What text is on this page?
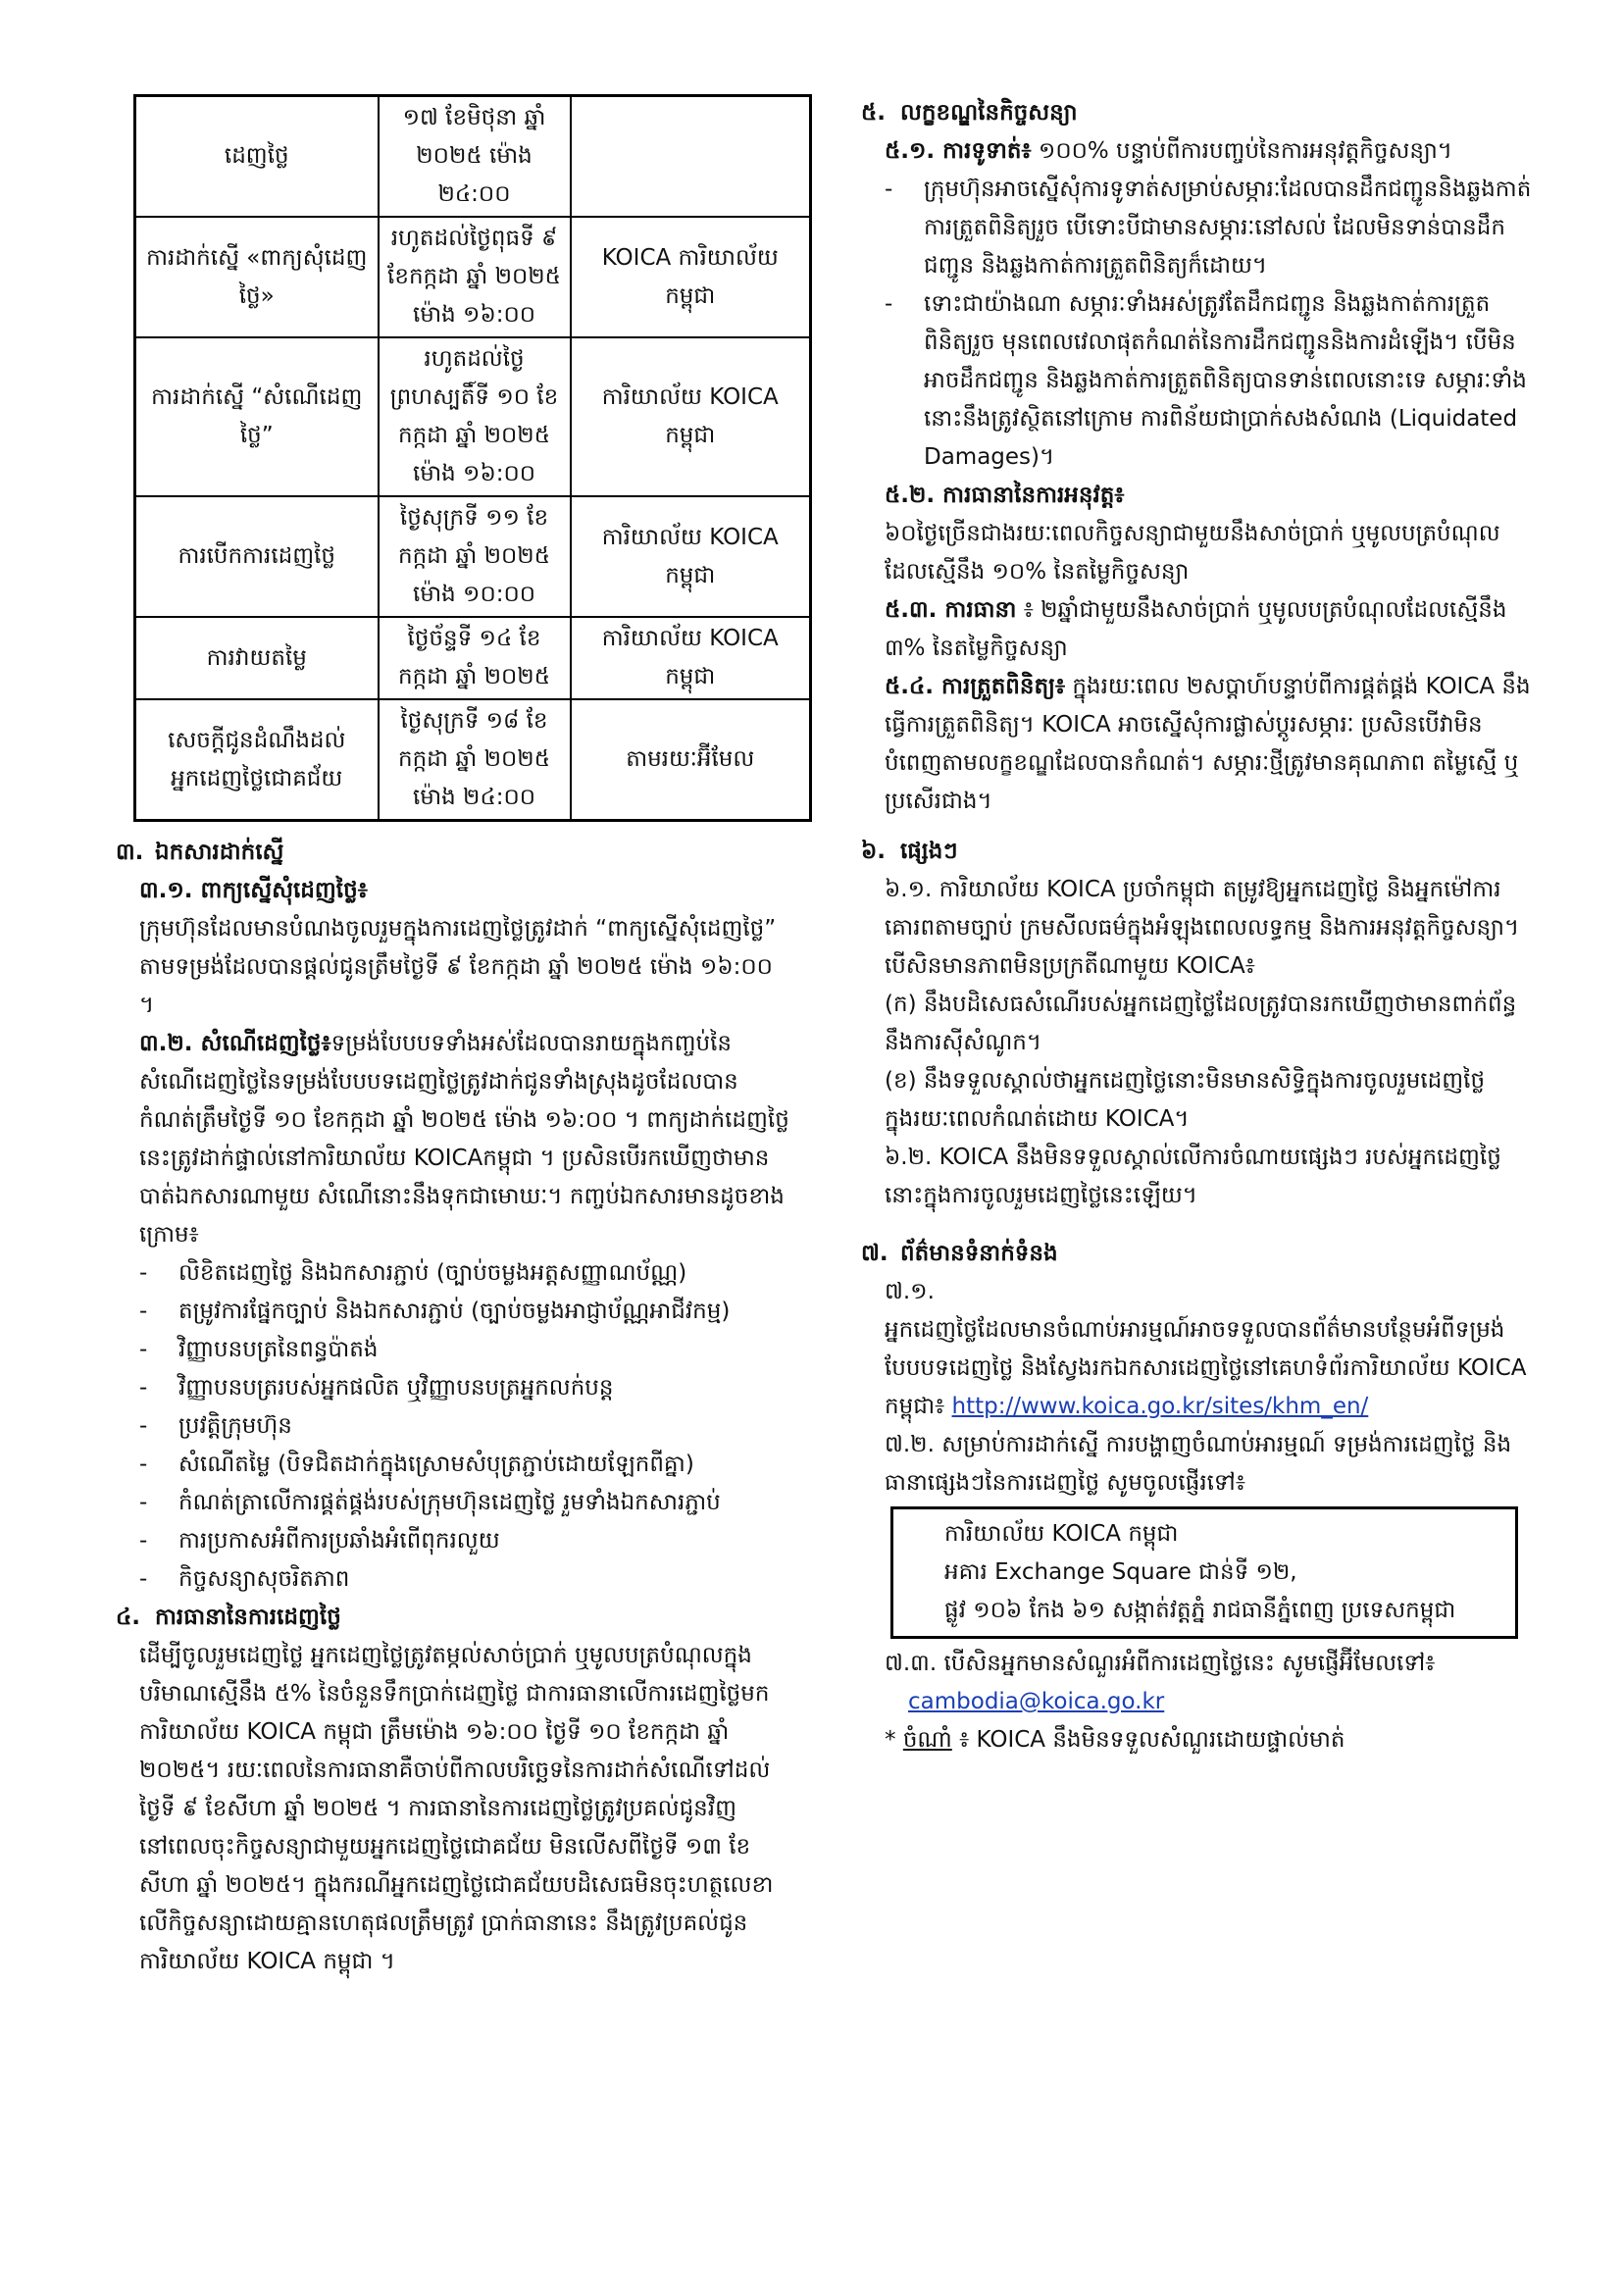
ដេញថ្លៃ	១៧ ខែមិថុនា ឆ្នាំ ២០២៥ ម៉ោង ២៤:០០	
ការដាក់ស្នើ «ពាក្យសុំដេញថ្លៃ»	រហូតដល់ថ្ងៃពុធទី ៩ ខែកក្កដា ឆ្នាំ ២០២៥ ម៉ោង ១៦:០០	KOICA ការិយាល័យកម្ពុជា
ការដាក់ស្នើ “សំណើដេញថ្លៃ”	រហូតដល់ថ្ងៃព្រហស្បតិ៍ទី ១០ ខែកក្កដា ឆ្នាំ ២០២៥ ម៉ោង ១៦:០០	ការិយាល័យ KOICA កម្ពុជា
ការបើកការដេញថ្លៃ	ថ្ងៃសុក្រទី ១១ ខែកក្កដា ឆ្នាំ ២០២៥ ម៉ោង ១០:០០	ការិយាល័យ KOICA កម្ពុជា
ការវាយតម្លៃ	ថ្ងៃច័ន្ទទី ១៤ ខែកក្កដា ឆ្នាំ ២០២៥	ការិយាល័យ KOICA កម្ពុជា
សេចក្តីជូនដំណឹងដល់អ្នកដេញថ្លៃជោគជ័យ	ថ្ងៃសុក្រទី ១៨ ខែកក្កដា ឆ្នាំ ២០២៥ ម៉ោង ២៤:០០	តាមរយៈអ៊ីមែល

៣. ឯកសារដាក់ស្នើ

៣.១. ពាក្យស្នើសុំដេញថ្លៃ៖

ក្រុមហ៊ុនដែលមានបំណងចូលរួមក្នុងការដេញថ្លៃត្រូវដាក់ “ពាក្យស្នើសុំដេញថ្លៃ” តាមទម្រង់ដែលបានផ្តល់ជូនត្រឹមថ្ងៃទី ៩ ខែកក្កដា ឆ្នាំ ២០២៥ ម៉ោង ១៦:០០ ។

៣.២. សំណើដេញថ្លៃ៖ទម្រង់បែបបទទាំងអស់ដែលបានរាយក្នុងកញ្ចប់នៃសំណើដេញថ្លៃនៃទម្រង់បែបបទដេញថ្លៃត្រូវដាក់ជូនទាំងស្រុងដូចដែលបានកំណត់ត្រឹមថ្ងៃទី ១០ ខែកក្កដា ឆ្នាំ ២០២៥ ម៉ោង ១៦:០០ ។ ពាក្យដាក់ដេញថ្លៃនេះត្រូវដាក់ផ្ទាល់នៅការិយាល័យ KOICAកម្ពុជា ។ ប្រសិនបើរកឃើញថាមានបាត់ឯកសារណាមួយ សំណើនោះនឹងទុកជាមោឃៈ។ កញ្ចប់ឯកសារមានដូចខាងក្រោម៖

- លិខិតដេញថ្លៃ និងឯកសារភ្ជាប់ (ច្បាប់ចម្លងអត្តសញ្ញាណប័ណ្ណ)
- តម្រូវការផ្នែកច្បាប់ និងឯកសារភ្ជាប់ (ច្បាប់ចម្លងអាជ្ញាប័ណ្ណអាជីវកម្ម)
- វិញ្ញាបនបត្រនៃពន្ធប៉ាតង់
- វិញ្ញាបនបត្ររបស់អ្នកផលិត ឬវិញ្ញាបនបត្រអ្នកលក់បន្ត
- ប្រវត្តិក្រុមហ៊ុន
- សំណើតម្លៃ (បិទជិតដាក់ក្នុងស្រោមសំបុត្រភ្ជាប់ដោយឡែកពីគ្នា)
- កំណត់ត្រាលើការផ្គត់ផ្គង់របស់ក្រុមហ៊ុនដេញថ្លៃ រួមទាំងឯកសារភ្ជាប់
- ការប្រកាសអំពីការប្រឆាំងអំពើពុករលួយ
- កិច្ចសន្យាសុចរិតភាព

៤. ការធានានៃការដេញថ្លៃ

ដើម្បីចូលរួមដេញថ្លៃ អ្នកដេញថ្លៃត្រូវតម្កល់សាច់ប្រាក់ ឬមូលបត្របំណុលក្នុងបរិមាណស្មើនឹង ៥% នៃចំនួនទឹកប្រាក់ដេញថ្លៃ ជាការធានាលើការដេញថ្លៃមកការិយាល័យ KOICA កម្ពុជា ត្រឹមម៉ោង ១៦:០០ ថ្ងៃទី ១០ ខែកក្កដា ឆ្នាំ ២០២៥។ រយៈពេលនៃការធានាគឺចាប់ពីកាលបរិច្ឆេទនៃការដាក់សំណើទៅដល់ថ្ងៃទី ៩ ខែសីហា ឆ្នាំ ២០២៥ ។ ការធានានៃការដេញថ្លៃត្រូវប្រគល់ជូនវិញនៅពេលចុះកិច្ចសន្យាជាមួយអ្នកដេញថ្លៃជោគជ័យ មិនលើសពីថ្ងៃទី ១៣ ខែសីហា ឆ្នាំ ២០២៥។ ក្នុងករណីអ្នកដេញថ្លៃជោគជ័យបដិសេធមិនចុះហត្ថលេខាលើកិច្ចសន្យាដោយគ្មានហេតុផលត្រឹមត្រូវ ប្រាក់ធានានេះ នឹងត្រូវប្រគល់ជូនការិយាល័យ KOICA កម្ពុជា ។

៥. លក្ខខណ្ឌនៃកិច្ចសន្យា

៥.១. ការទូទាត់៖ ១០០% បន្ទាប់ពីការបញ្ចប់នៃការអនុវត្តកិច្ចសន្យា។

- ក្រុមហ៊ុនអាចស្នើសុំការទូទាត់សម្រាប់សម្ភារៈដែលបានដឹកជញ្ជូននិងឆ្លងកាត់ការត្រួតពិនិត្យរួច បើទោះបីជាមានសម្ភារៈនៅសល់ ដែលមិនទាន់បានដឹកជញ្ជូន និងឆ្លងកាត់ការត្រួតពិនិត្យក៏ដោយ។
- ទោះជាយ៉ាងណា សម្ភារៈទាំងអស់ត្រូវតែដឹកជញ្ជូន និងឆ្លងកាត់ការត្រួតពិនិត្យរួច មុនពេលវេលាផុតកំណត់នៃការដឹកជញ្ជូននិងការដំឡើង។ បើមិនអាចដឹកជញ្ជូន និងឆ្លងកាត់ការត្រួតពិនិត្យបានទាន់ពេលនោះទេ សម្ភារៈទាំងនោះនឹងត្រូវស្ថិតនៅក្រោម ការពិន័យជាប្រាក់សងសំណង (Liquidated Damages)។

៥.២. ការធានានៃការអនុវត្ត៖

៦០ថ្ងៃច្រើនជាងរយៈពេលកិច្ចសន្យាជាមួយនឹងសាច់ប្រាក់ ឬមូលបត្របំណុលដែលស្មើនឹង ១០% នៃតម្លៃកិច្ចសន្យា

៥.៣. ការធានា ៖ ២ឆ្នាំជាមួយនឹងសាច់ប្រាក់ ឬមូលបត្របំណុលដែលស្មើនឹង ៣% នៃតម្លៃកិច្ចសន្យា

៥.៤. ការត្រួតពិនិត្យ៖ ក្នុងរយៈពេល ២សប្តាហ៍បន្ទាប់ពីការផ្គត់ផ្គង់ KOICA នឹងធ្វើការត្រួតពិនិត្យ។ KOICA អាចស្នើសុំការផ្លាស់ប្តូរសម្ភារៈ ប្រសិនបើវាមិនបំពេញតាមលក្ខខណ្ឌដែលបានកំណត់។ សម្ភារៈថ្មីត្រូវមានគុណភាព តម្លៃស្មើ ឬប្រសើរជាង។

៦. ផ្សេងៗ

៦.១. ការិយាល័យ KOICA ប្រចាំកម្ពុជា តម្រូវឱ្យអ្នកដេញថ្លៃ និងអ្នកម៉ៅការគោរពតាមច្បាប់ ក្រមសីលធម៌ក្នុងអំឡុងពេលលទ្ធកម្ម និងការអនុវត្តកិច្ចសន្យា។ បើសិនមានភាពមិនប្រក្រតីណាមួយ KOICA៖

(ក) នឹងបដិសេធសំណើរបស់អ្នកដេញថ្លៃដែលត្រូវបានរកឃើញថាមានពាក់ព័ន្ធនឹងការស៊ីសំណូក។

(ខ) នឹងទទួលស្គាល់ថាអ្នកដេញថ្លៃនោះមិនមានសិទ្ធិក្នុងការចូលរួមដេញថ្លៃក្នុងរយៈពេលកំណត់ដោយ KOICA។

៦.២. KOICA នឹងមិនទទួលស្គាល់លើការចំណាយផ្សេងៗ របស់អ្នកដេញថ្លៃនោះក្នុងការចូលរួមដេញថ្លៃនេះឡើយ។

៧. ព័ត៌មានទំនាក់ទំនង

៧.១.

អ្នកដេញថ្លៃដែលមានចំណាប់អារម្មណ៍អាចទទួលបានព័ត៌មានបន្ថែមអំពីទម្រង់បែបបទដេញថ្លៃ និងស្វែងរកឯកសារដេញថ្លៃនៅគេហទំព័រការិយាល័យ KOICA កម្ពុជា៖ http://www.koica.go.kr/sites/khm_en/

៧.២. សម្រាប់ការដាក់ស្នើ ការបង្ហាញចំណាប់អារម្មណ៍ ទម្រង់ការដេញថ្លៃ និងធានាផ្សេងៗនៃការដេញថ្លៃ សូមចូលផ្ញើរទៅ៖

ការិយាល័យ KOICA កម្ពុជា

អគារ Exchange Square ជាន់ទី ១២,

ផ្លូវ ១០៦ កែង ៦១ សង្កាត់វត្តភ្នំ រាជធានីភ្នំពេញ ប្រទេសកម្ពុជា

៧.៣. បើសិនអ្នកមានសំណួរអំពីការដេញថ្លៃនេះ សូមផ្ញើអ៊ីមែលទៅ៖

cambodia@koica.go.kr

* ចំណាំ ៖ KOICA នឹងមិនទទួលសំណួរដោយផ្ទាល់មាត់
